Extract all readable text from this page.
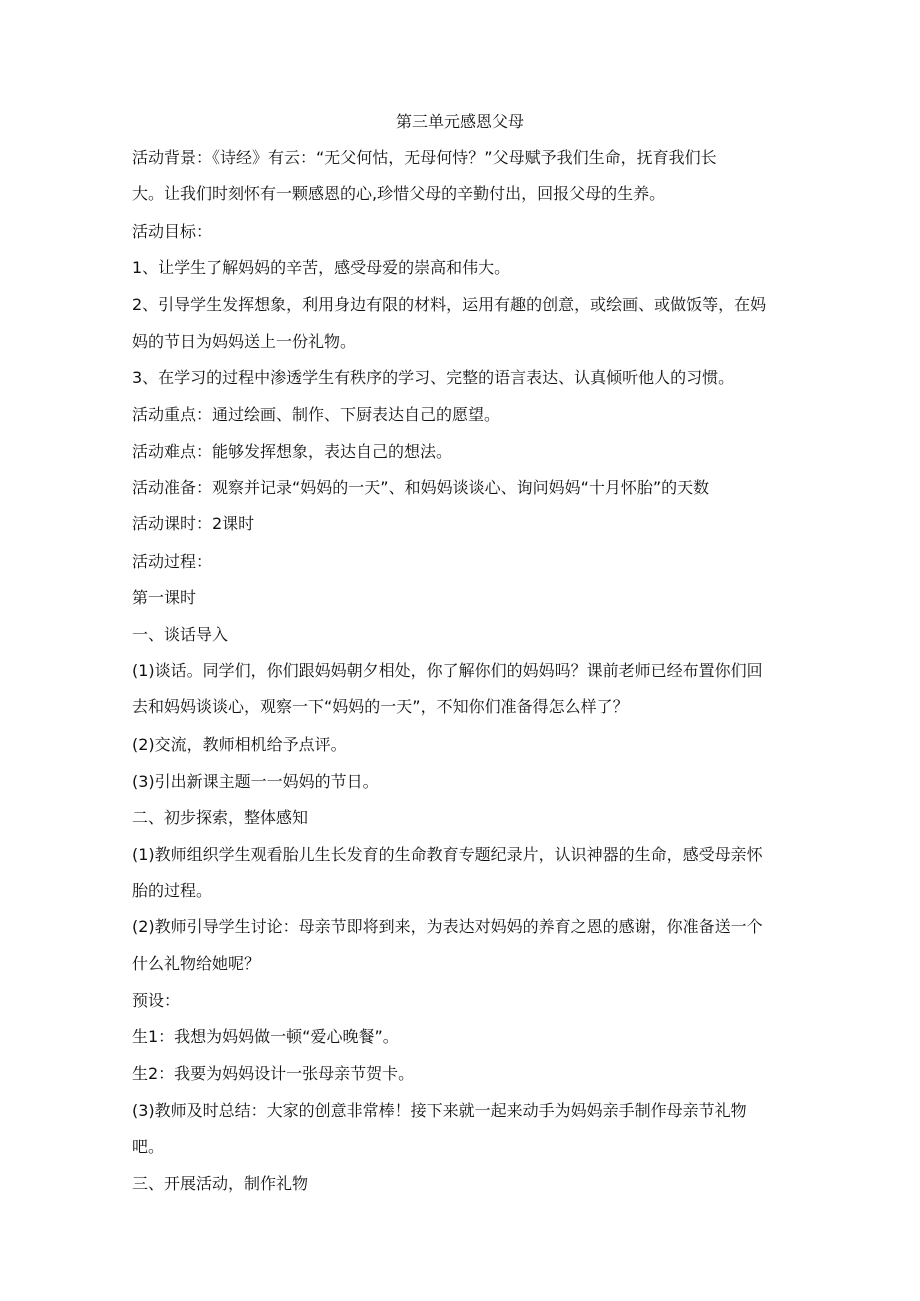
第三单元感恩父母
活动背景：《诗经》有云：“无父何怙，无母何恃？”父母赋予我们生命，抚育我们长
大。让我们时刻怀有一颗感恩的心,珍惜父母的辛勤付出，回报父母的生养。
活动目标：
1、让学生了解妈妈的辛苦，感受母爱的崇高和伟大。
2、引导学生发挥想象，利用身边有限的材料，运用有趣的创意，或绘画、或做饭等，在妈
妈的节日为妈妈送上一份礼物。
3、在学习的过程中渗透学生有秩序的学习、完整的语言表达、认真倾听他人的习惯。
活动重点：通过绘画、制作、下厨表达自己的愿望。
活动难点：能够发挥想象，表达自己的想法。
活动准备：观察并记录“妈妈的一天”、和妈妈谈谈心、询问妈妈“十月怀胎”的天数
活动课时：2课时
活动过程：
第一课时
一、谈话导入
(1)谈话。同学们，你们跟妈妈朝夕相处，你了解你们的妈妈吗？课前老师已经布置你们回
去和妈妈谈谈心，观察一下“妈妈的一天”，不知你们准备得怎么样了？
(2)交流，教师相机给予点评。
(3)引出新课主题一一妈妈的节日。
二、初步探索，整体感知
(1)教师组织学生观看胎儿生长发育的生命教育专题纪录片，认识神器的生命，感受母亲怀
胎的过程。
(2)教师引导学生讨论：母亲节即将到来，为表达对妈妈的养育之恩的感谢，你准备送一个
什么礼物给她呢？
预设：
生1：我想为妈妈做一顿“爱心晚餐”。
生2：我要为妈妈设计一张母亲节贺卡。
(3)教师及时总结：大家的创意非常棒！接下来就一起来动手为妈妈亲手制作母亲节礼物
吧。
三、开展活动，制作礼物
